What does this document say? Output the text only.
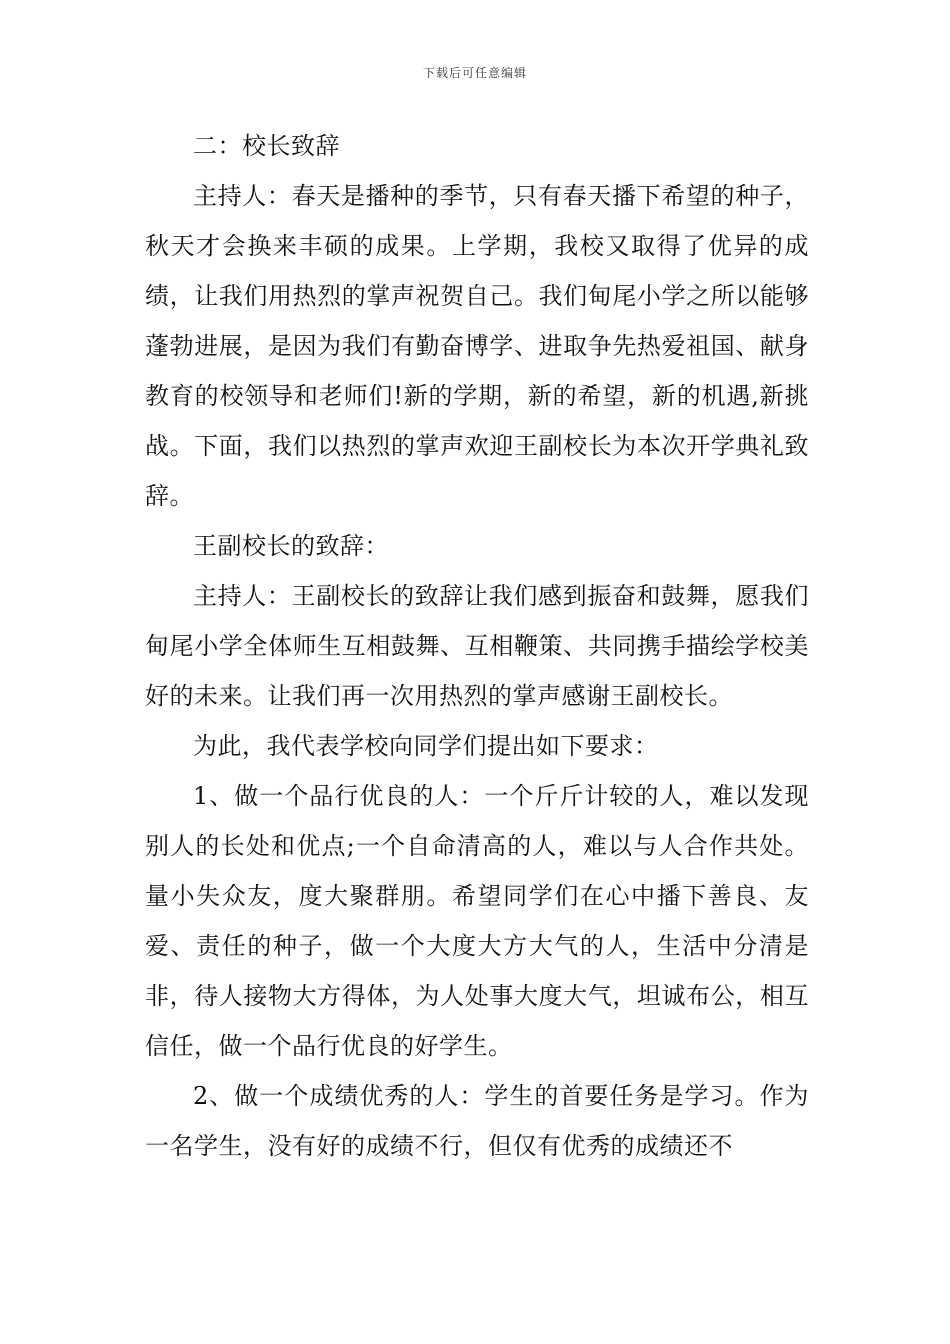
下载后可任意编辑

二：校长致辞

主持人：春天是播种的季节，只有春天播下希望的种子，秋天才会换来丰硕的成果。上学期，我校又取得了优异的成绩，让我们用热烈的掌声祝贺自己。我们甸尾小学之所以能够蓬勃进展，是因为我们有勤奋博学、进取争先热爱祖国、献身教育的校领导和老师们!新的学期，新的希望，新的机遇,新挑战。下面，我们以热烈的掌声欢迎王副校长为本次开学典礼致辞。

王副校长的致辞：

主持人：王副校长的致辞让我们感到振奋和鼓舞，愿我们甸尾小学全体师生互相鼓舞、互相鞭策、共同携手描绘学校美好的未来。让我们再一次用热烈的掌声感谢王副校长。

为此，我代表学校向同学们提出如下要求：

1、做一个品行优良的人：一个斤斤计较的人，难以发现别人的长处和优点;一个自命清高的人，难以与人合作共处。量小失众友，度大聚群朋。希望同学们在心中播下善良、友爱、责任的种子，做一个大度大方大气的人，生活中分清是非，待人接物大方得体，为人处事大度大气，坦诚布公，相互信任，做一个品行优良的好学生。

2、做一个成绩优秀的人：学生的首要任务是学习。作为一名学生，没有好的成绩不行，但仅有优秀的成绩还不
